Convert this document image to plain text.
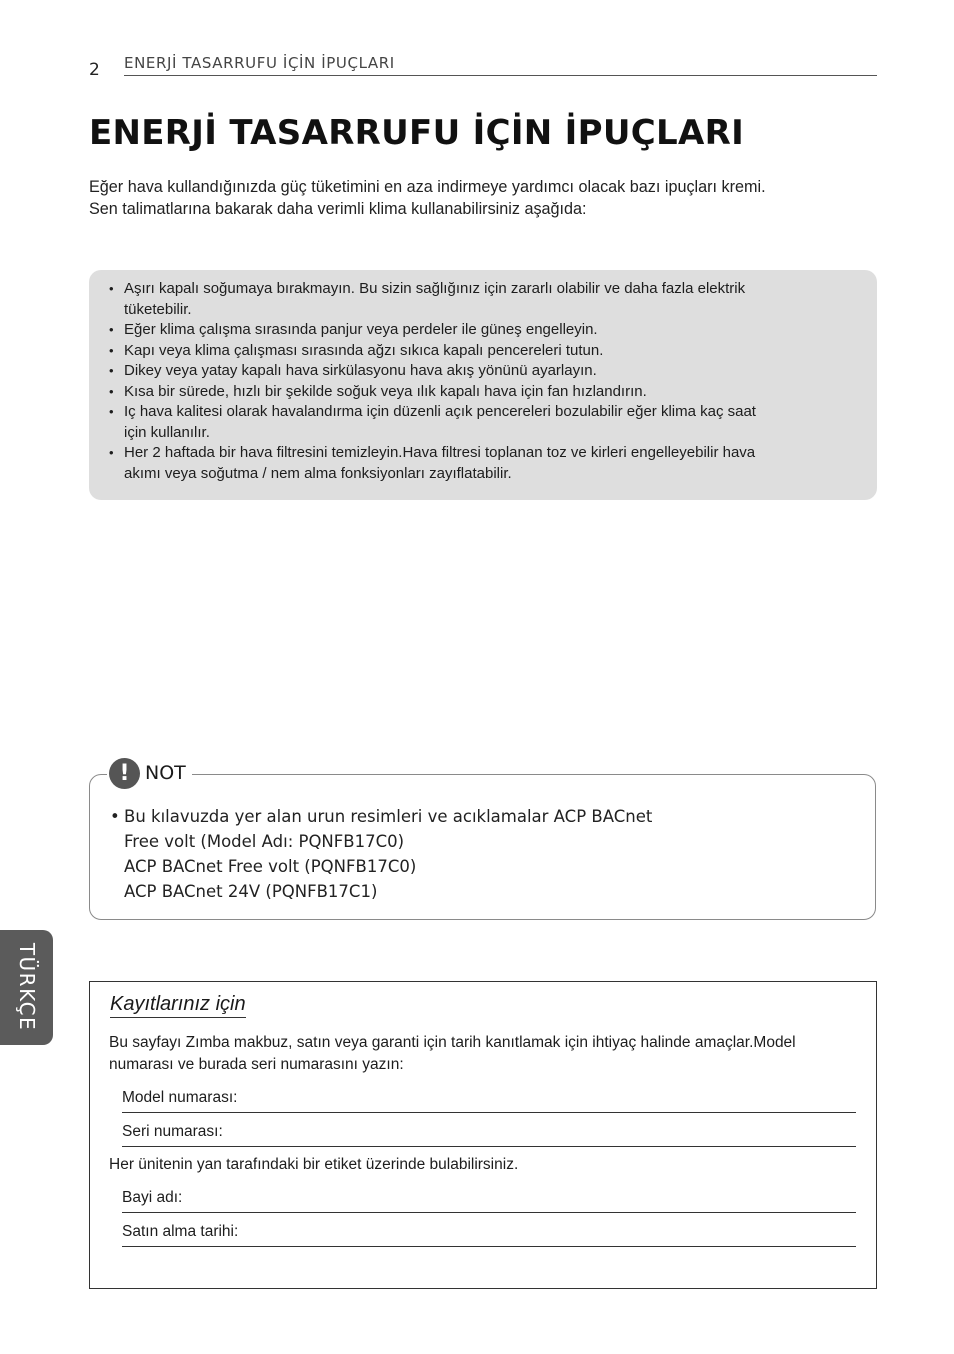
2 ENERJİ TASARRUFU İÇİN İPUÇLARI
ENERJİ TASARRUFU İÇİN İPUÇLARI
Eğer hava kullandığınızda güç tüketimini en aza indirmeye yardımcı olacak bazı ipuçları kremi.
Sen talimatlarına bakarak daha verimli klima kullanabilirsiniz aşağıda:
• Aşırı kapalı soğumaya bırakmayın. Bu sizin sağlığınız için zararlı olabilir ve daha fazla elektrik
tüketebilir.
• Eğer klima çalışma sırasında panjur veya perdeler ile güneş engelleyin.
• Kapı veya klima çalışması sırasında ağzı sıkıca kapalı pencereleri tutun.
• Dikey veya yatay kapalı hava sirkülasyonu hava akış yönünü ayarlayın.
• Kısa bir sürede, hızlı bir şekilde soğuk veya ılık kapalı hava için fan hızlandırın.
• Iç hava kalitesi olarak havalandırma için düzenli açık pencereleri bozulabilir eğer klima kaç saat
için kullanılır.
• Her 2 haftada bir hava filtresini temizleyin.Hava filtresi toplanan toz ve kirleri engelleyebilir hava
akımı veya soğutma / nem alma fonksiyonları zayıflatabilir.
! NOT
• Bu kılavuzda yer alan urun resimleri ve acıklamalar ACP BACnet
Free volt (Model Adı: PQNFB17C0)
ACP BACnet Free volt (PQNFB17C0)
ACP BACnet 24V (PQNFB17C1)
TÜRKÇE	Kayıtlarınız için
Bu sayfayı Zımba makbuz, satın veya garanti için tarih kanıtlamak için ihtiyaç halinde amaçlar.Model
numarası ve burada seri numarasını yazın:
Model numarası:
Seri numarası:
Her ünitenin yan tarafındaki bir etiket üzerinde bulabilirsiniz.
Bayi adı:
Satın alma tarihi:
